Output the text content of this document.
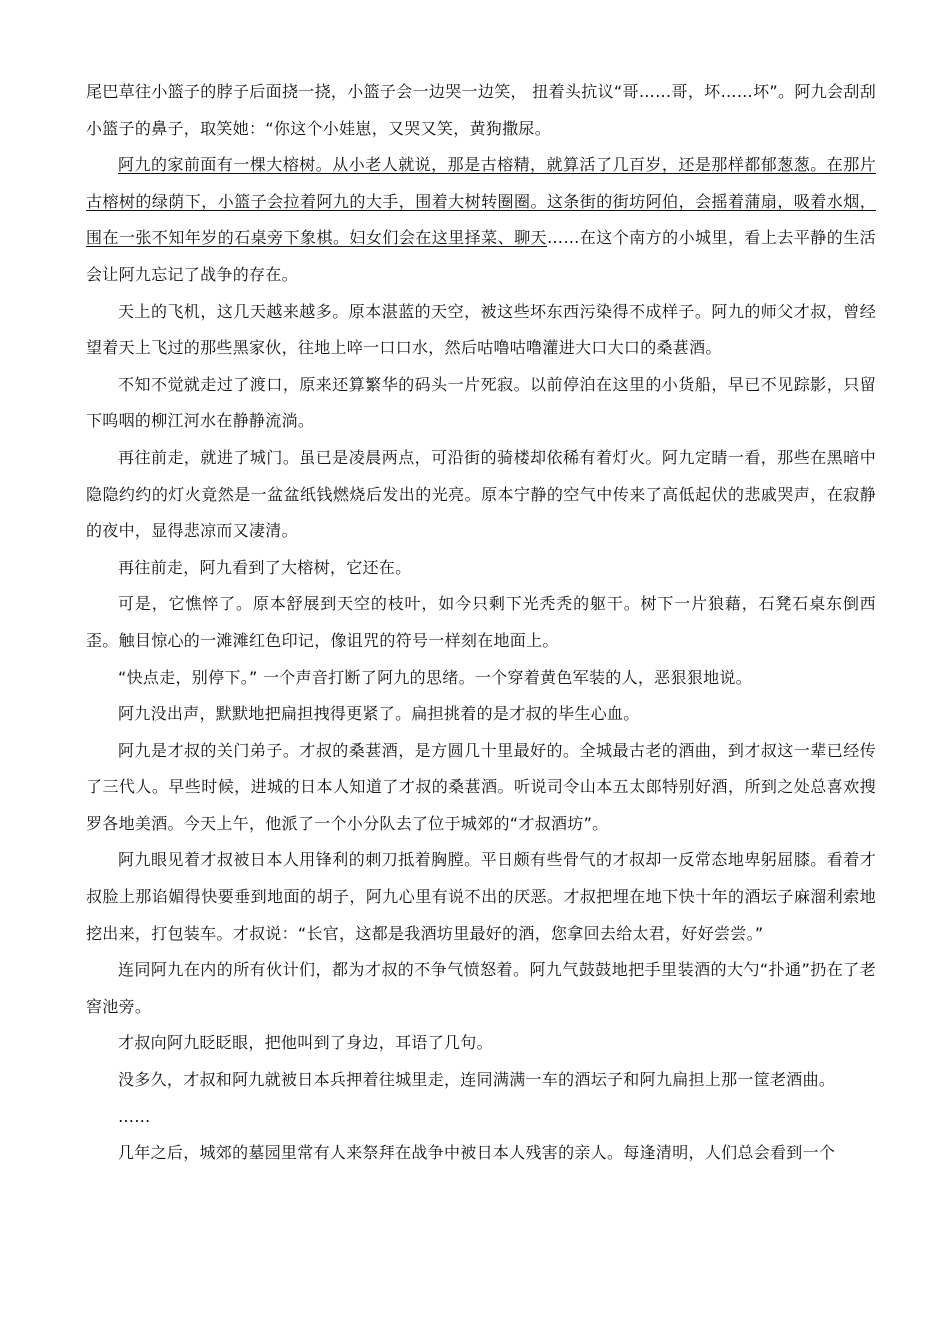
尾巴草往小篮子的脖子后面挠一挠，小篮子会一边哭一边笑， 扭着头抗议“哥……哥，坏……坏”。阿九会刮刮小篮子的鼻子，取笑她：“你这个小娃崽，又哭又笑，黄狗撒尿。

阿九的家前面有一棵大榕树。从小老人就说，那是古榕精，就算活了几百岁，还是那样都郁葱葱。在那片古榕树的绿荫下，小篮子会拉着阿九的大手，围着大树转圈圈。这条街的街坊阿伯，会摇着蒲扇，吸着水烟，围在一张不知年岁的石桌旁下象棋。妇女们会在这里择菜、聊天……在这个南方的小城里，看上去平静的生活会让阿九忘记了战争的存在。

天上的飞机，这几天越来越多。原本湛蓝的天空，被这些坏东西污染得不成样子。阿九的师父才叔，曾经望着天上飞过的那些黑家伙，往地上啐一口口水，然后咕噜咕噜灌进大口大口的桑葚酒。

不知不觉就走过了渡口，原来还算繁华的码头一片死寂。以前停泊在这里的小货船，早已不见踪影，只留下呜咽的柳江河水在静静流淌。

再往前走，就进了城门。虽已是凌晨两点，可沿街的骑楼却依稀有着灯火。阿九定睛一看，那些在黑暗中隐隐约约的灯火竟然是一盆盆纸钱燃烧后发出的光亮。原本宁静的空气中传来了高低起伏的悲戚哭声，在寂静的夜中，显得悲凉而又凄清。

再往前走，阿九看到了大榕树，它还在。

可是，它憔悴了。原本舒展到天空的枝叶，如今只剩下光秃秃的躯干。树下一片狼藉，石凳石桌东倒西歪。触目惊心的一滩滩红色印记，像诅咒的符号一样刻在地面上。

“快点走，别停下。” 一个声音打断了阿九的思绪。一个穿着黄色军装的人，恶狠狠地说。

阿九没出声，默默地把扁担拽得更紧了。扁担挑着的是才叔的毕生心血。

阿九是才叔的关门弟子。才叔的桑葚酒，是方圆几十里最好的。全城最古老的酒曲，到才叔这一辈已经传了三代人。早些时候，进城的日本人知道了才叔的桑葚酒。听说司令山本五太郎特别好酒，所到之处总喜欢搜罗各地美酒。今天上午，他派了一个小分队去了位于城郊的“才叔酒坊”。

阿九眼见着才叔被日本人用锋利的刺刀抵着胸膛。平日颇有些骨气的才叔却一反常态地卑躬屈膝。看着才叔脸上那谄媚得快要垂到地面的胡子，阿九心里有说不出的厌恶。才叔把埋在地下快十年的酒坛子麻溜利索地挖出来，打包装车。才叔说：“长官，这都是我酒坊里最好的酒，您拿回去给太君，好好尝尝。”

连同阿九在内的所有伙计们，都为才叔的不争气愤怒着。阿九气鼓鼓地把手里装酒的大勺“扑通”扔在了老窖池旁。

才叔向阿九眨眨眼，把他叫到了身边，耳语了几句。

没多久，才叔和阿九就被日本兵押着往城里走，连同满满一车的酒坛子和阿九扁担上那一筐老酒曲。

……

几年之后，城郊的墓园里常有人来祭拜在战争中被日本人残害的亲人。每逢清明，人们总会看到一个
